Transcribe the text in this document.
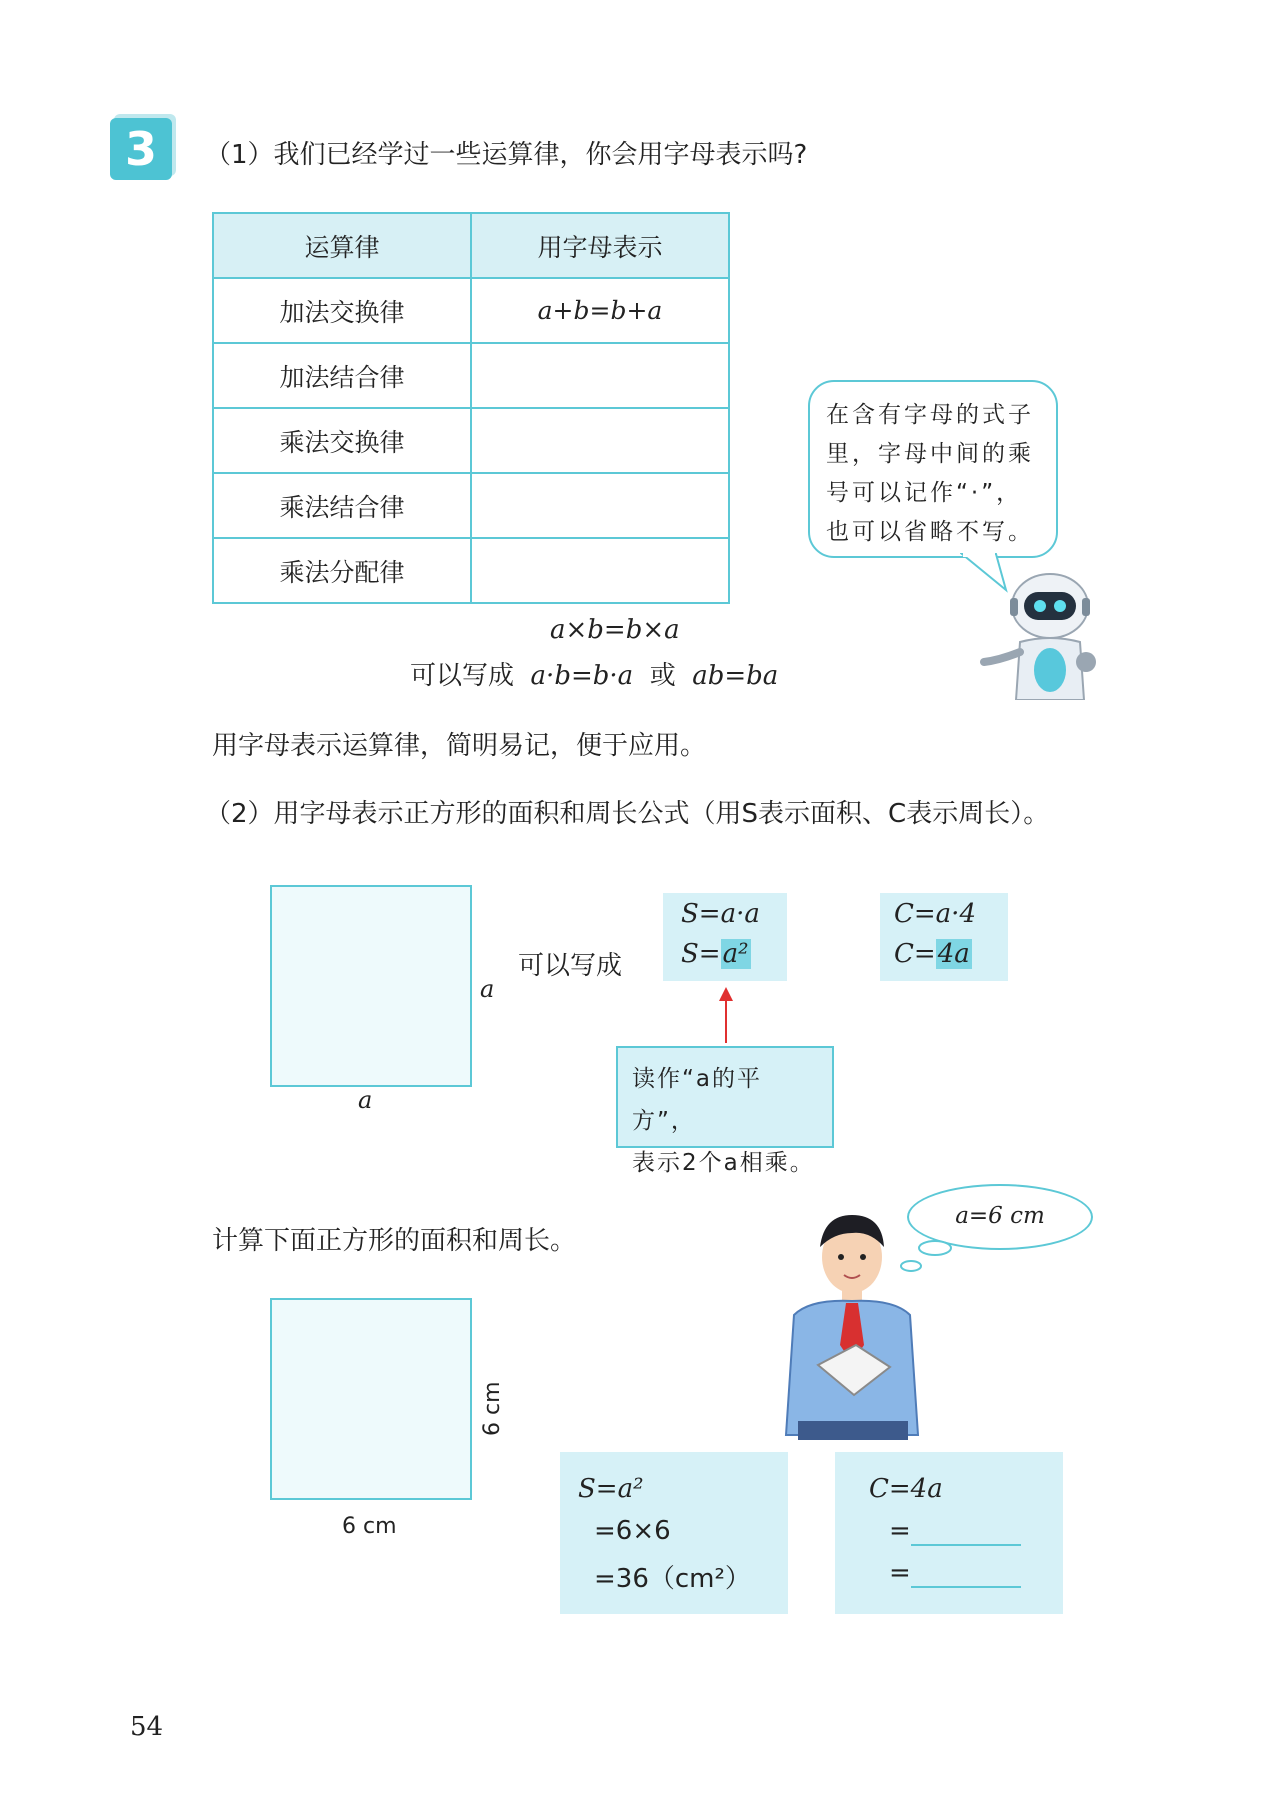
3	（1）我们已经学过一些运算律，你会用字母表示吗?
运算律	用字母表示
加法交换律	a+b=b+a
加法结合律	
乘法交换律	
乘法结合律	
乘法分配律	
在含有字母的式子里，字母中间的乘号可以记作“·”，也可以省略不写。
a×b=b×a
可以写成 a·b=b·a 或 ab=ba
用字母表示运算律，简明易记，便于应用。
（2）用字母表示正方形的面积和周长公式（用S表示面积、C表示周长）。
a
a
可以写成
S=a·a
S=a²
C=a·4
C=4a
读作“a的平方”，
表示2个a相乘。
计算下面正方形的面积和周长。
a=6 cm
6 cm
6 cm
S=a²
=6×6
=36（cm²）
C=4a
=
=
54
